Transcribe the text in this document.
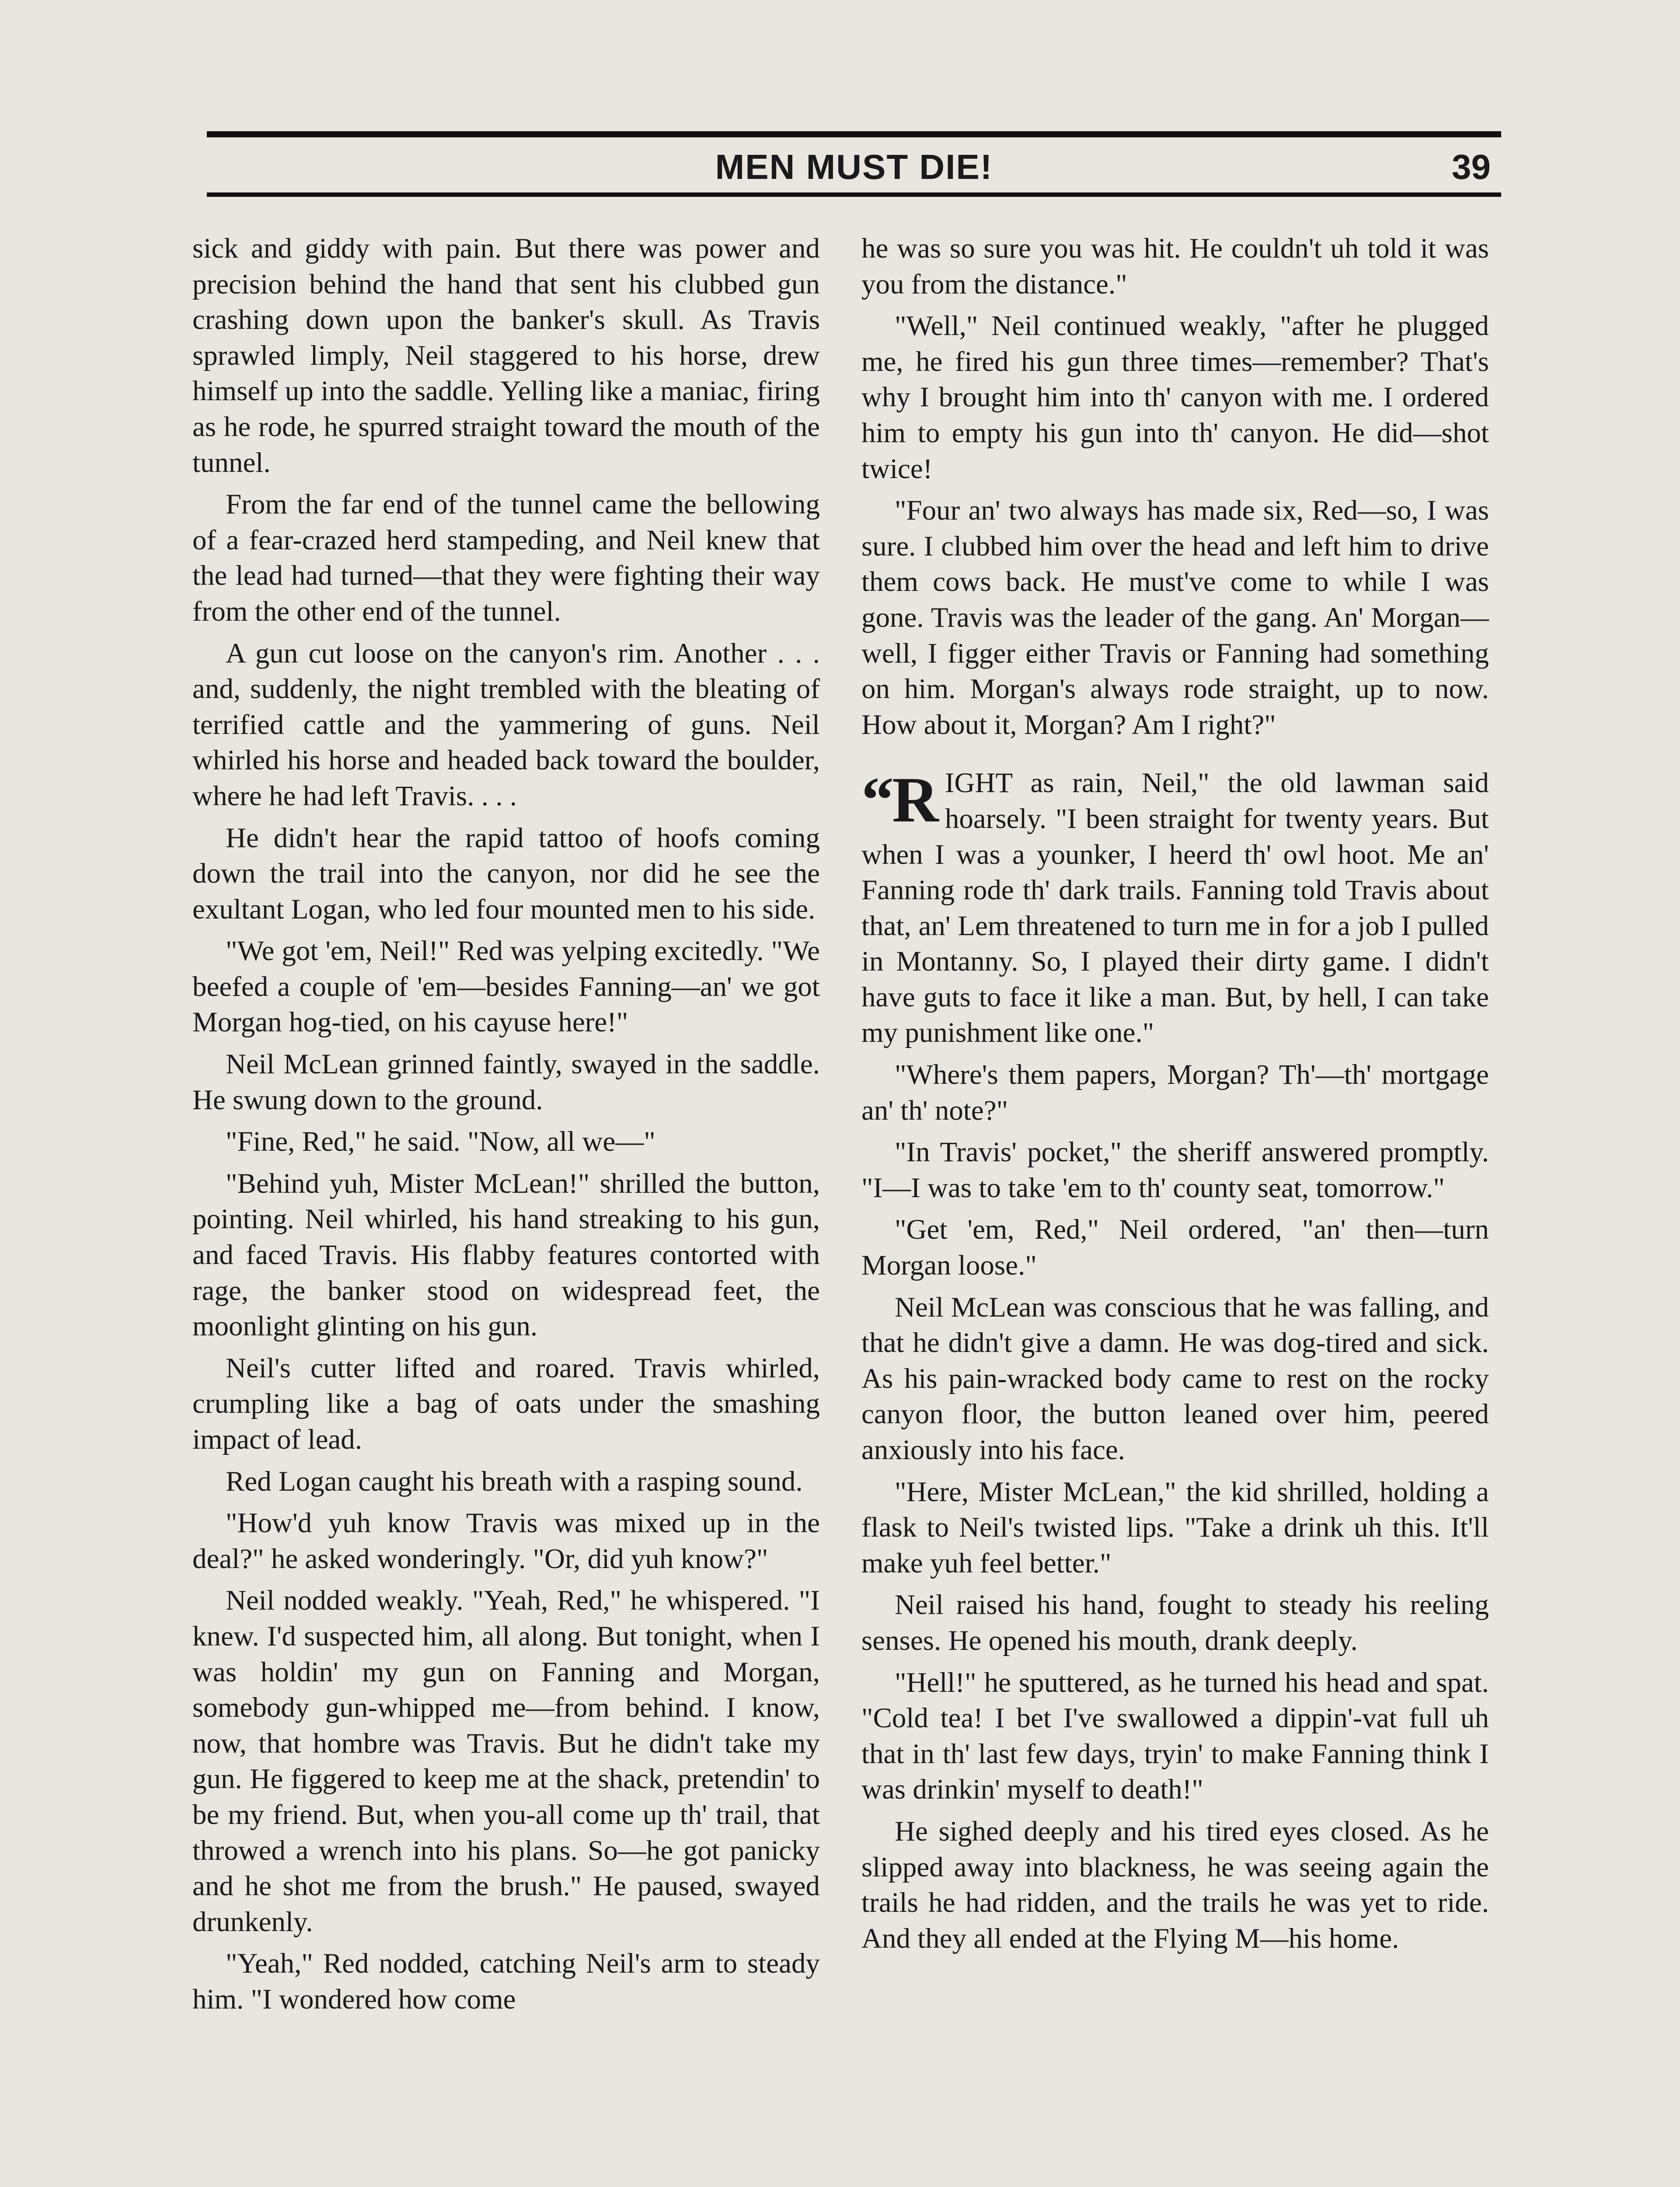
MEN MUST DIE!	39

sick and giddy with pain. But there was power and precision behind the hand that sent his clubbed gun crashing down upon the banker's skull. As Travis sprawled limply, Neil staggered to his horse, drew himself up into the saddle. Yelling like a maniac, firing as he rode, he spurred straight toward the mouth of the tunnel.

From the far end of the tunnel came the bellowing of a fear-crazed herd stampeding, and Neil knew that the lead had turned—that they were fighting their way from the other end of the tunnel.

A gun cut loose on the canyon's rim. Another . . . and, suddenly, the night trembled with the bleating of terrified cattle and the yammering of guns. Neil whirled his horse and headed back toward the boulder, where he had left Travis. . . .

He didn't hear the rapid tattoo of hoofs coming down the trail into the canyon, nor did he see the exultant Logan, who led four mounted men to his side.

"We got 'em, Neil!" Red was yelping excitedly. "We beefed a couple of 'em—besides Fanning—an' we got Morgan hog-tied, on his cayuse here!"

Neil McLean grinned faintly, swayed in the saddle. He swung down to the ground.

"Fine, Red," he said. "Now, all we—"

"Behind yuh, Mister McLean!" shrilled the button, pointing. Neil whirled, his hand streaking to his gun, and faced Travis. His flabby features contorted with rage, the banker stood on widespread feet, the moonlight glinting on his gun.

Neil's cutter lifted and roared. Travis whirled, crumpling like a bag of oats under the smashing impact of lead.

Red Logan caught his breath with a rasping sound.

"How'd yuh know Travis was mixed up in the deal?" he asked wonderingly. "Or, did yuh know?"

Neil nodded weakly. "Yeah, Red," he whispered. "I knew. I'd suspected him, all along. But tonight, when I was holdin' my gun on Fanning and Morgan, somebody gun-whipped me—from behind. I know, now, that hombre was Travis. But he didn't take my gun. He figgered to keep me at the shack, pretendin' to be my friend. But, when you-all come up th' trail, that throwed a wrench into his plans. So—he got panicky and he shot me from the brush." He paused, swayed drunkenly.

"Yeah," Red nodded, catching Neil's arm to steady him. "I wondered how come

he was so sure you was hit. He couldn't uh told it was you from the distance."

"Well," Neil continued weakly, "after he plugged me, he fired his gun three times—remember? That's why I brought him into th' canyon with me. I ordered him to empty his gun into th' canyon. He did—shot twice!

"Four an' two always has made six, Red—so, I was sure. I clubbed him over the head and left him to drive them cows back. He must've come to while I was gone. Travis was the leader of the gang. An' Morgan—well, I figger either Travis or Fanning had something on him. Morgan's always rode straight, up to now. How about it, Morgan? Am I right?"

“R IGHT as rain, Neil," the old lawman said hoarsely. "I been straight for twenty years. But when I was a younker, I heerd th' owl hoot. Me an' Fanning rode th' dark trails. Fanning told Travis about that, an' Lem threatened to turn me in for a job I pulled in Montanny. So, I played their dirty game. I didn't have guts to face it like a man. But, by hell, I can take my punishment like one."

"Where's them papers, Morgan? Th'—th' mortgage an' th' note?"

"In Travis' pocket," the sheriff answered promptly. "I—I was to take 'em to th' county seat, tomorrow."

"Get 'em, Red," Neil ordered, "an' then—turn Morgan loose."

Neil McLean was conscious that he was falling, and that he didn't give a damn. He was dog-tired and sick. As his pain-wracked body came to rest on the rocky canyon floor, the button leaned over him, peered anxiously into his face.

"Here, Mister McLean," the kid shrilled, holding a flask to Neil's twisted lips. "Take a drink uh this. It'll make yuh feel better."

Neil raised his hand, fought to steady his reeling senses. He opened his mouth, drank deeply.

"Hell!" he sputtered, as he turned his head and spat. "Cold tea! I bet I've swallowed a dippin'-vat full uh that in th' last few days, tryin' to make Fanning think I was drinkin' myself to death!"

He sighed deeply and his tired eyes closed. As he slipped away into blackness, he was seeing again the trails he had ridden, and the trails he was yet to ride. And they all ended at the Flying M—his home.
